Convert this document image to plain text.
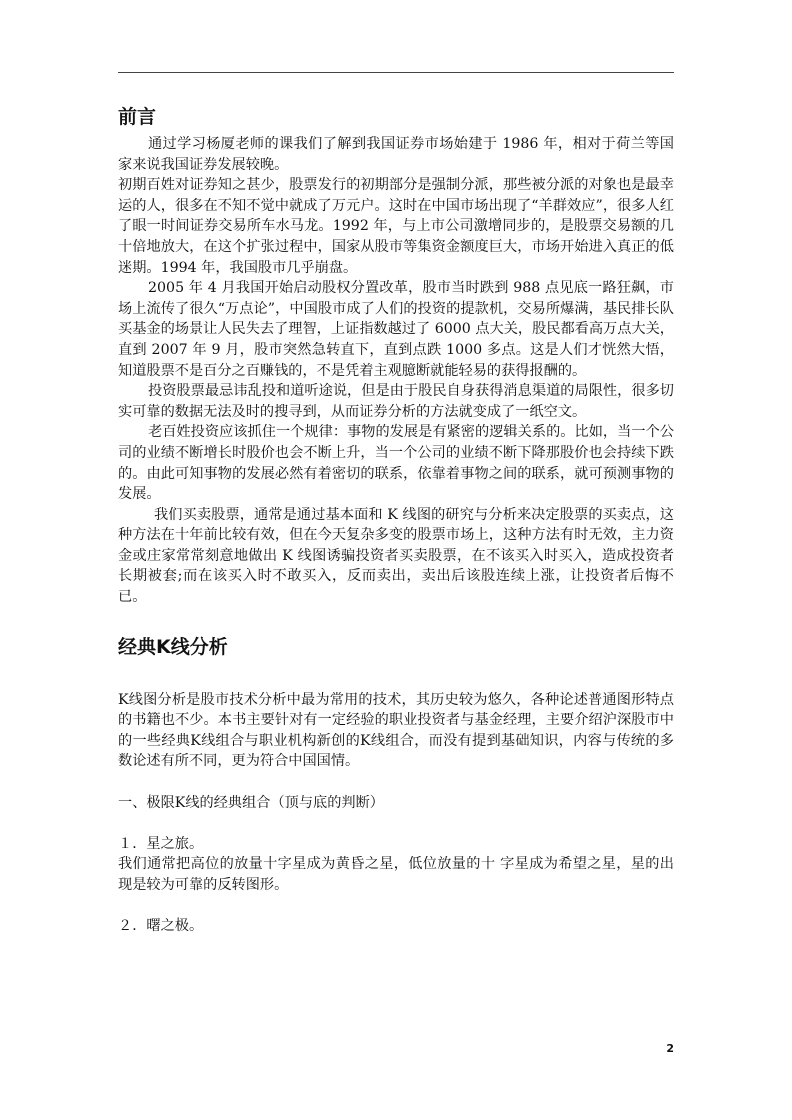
前言

通过学习杨厦老师的课我们了解到我国证券市场始建于 1986 年，相对于荷兰等国家来说我国证券发展较晚。

初期百姓对证券知之甚少，股票发行的初期部分是强制分派，那些被分派的对象也是最幸运的人，很多在不知不觉中就成了万元户。这时在中国市场出现了“羊群效应”，很多人红了眼一时间证券交易所车水马龙。1992 年，与上市公司激增同步的，是股票交易额的几十倍地放大，在这个扩张过程中，国家从股市等集资金额度巨大，市场开始进入真正的低迷期。1994 年，我国股市几乎崩盘。

2005 年 4 月我国开始启动股权分置改革，股市当时跌到 988 点见底一路狂飙，市场上流传了很久“万点论”，中国股市成了人们的投资的提款机，交易所爆满，基民排长队买基金的场景让人民失去了理智，上证指数越过了 6000 点大关，股民都看高万点大关，直到 2007 年 9 月，股市突然急转直下，直到点跌 1000 多点。这是人们才恍然大悟，知道股票不是百分之百赚钱的，不是凭着主观臆断就能轻易的获得报酬的。

投资股票最忌讳乱投和道听途说，但是由于股民自身获得消息渠道的局限性，很多切实可靠的数据无法及时的搜寻到，从而证券分析的方法就变成了一纸空文。

老百姓投资应该抓住一个规律：事物的发展是有紧密的逻辑关系的。比如，当一个公司的业绩不断增长时股价也会不断上升，当一个公司的业绩不断下降那股价也会持续下跌的。由此可知事物的发展必然有着密切的联系，依靠着事物之间的联系，就可预测事物的发展。

我们买卖股票，通常是通过基本面和 K 线图的研究与分析来决定股票的买卖点，这种方法在十年前比较有效，但在今天复杂多变的股票市场上，这种方法有时无效，主力资金或庄家常常刻意地做出 K 线图诱骗投资者买卖股票，在不该买入时买入，造成投资者长期被套;而在该买入时不敢买入，反而卖出，卖出后该股连续上涨，让投资者后悔不已。

经典K线分析

K线图分析是股市技术分析中最为常用的技术，其历史较为悠久，各种论述普通图形特点的书籍也不少。本书主要针对有一定经验的职业投资者与基金经理，主要介绍沪深股市中的一些经典K线组合与职业机构新创的K线组合，而没有提到基础知识，内容与传统的多数论述有所不同，更为符合中国国情。

一、极限K线的经典组合（顶与底的判断）

１．星之旅。

我们通常把高位的放量十字星成为黄昏之星，低位放量的十 字星成为希望之星，星的出现是较为可靠的反转图形。

２．曙之极。

2
